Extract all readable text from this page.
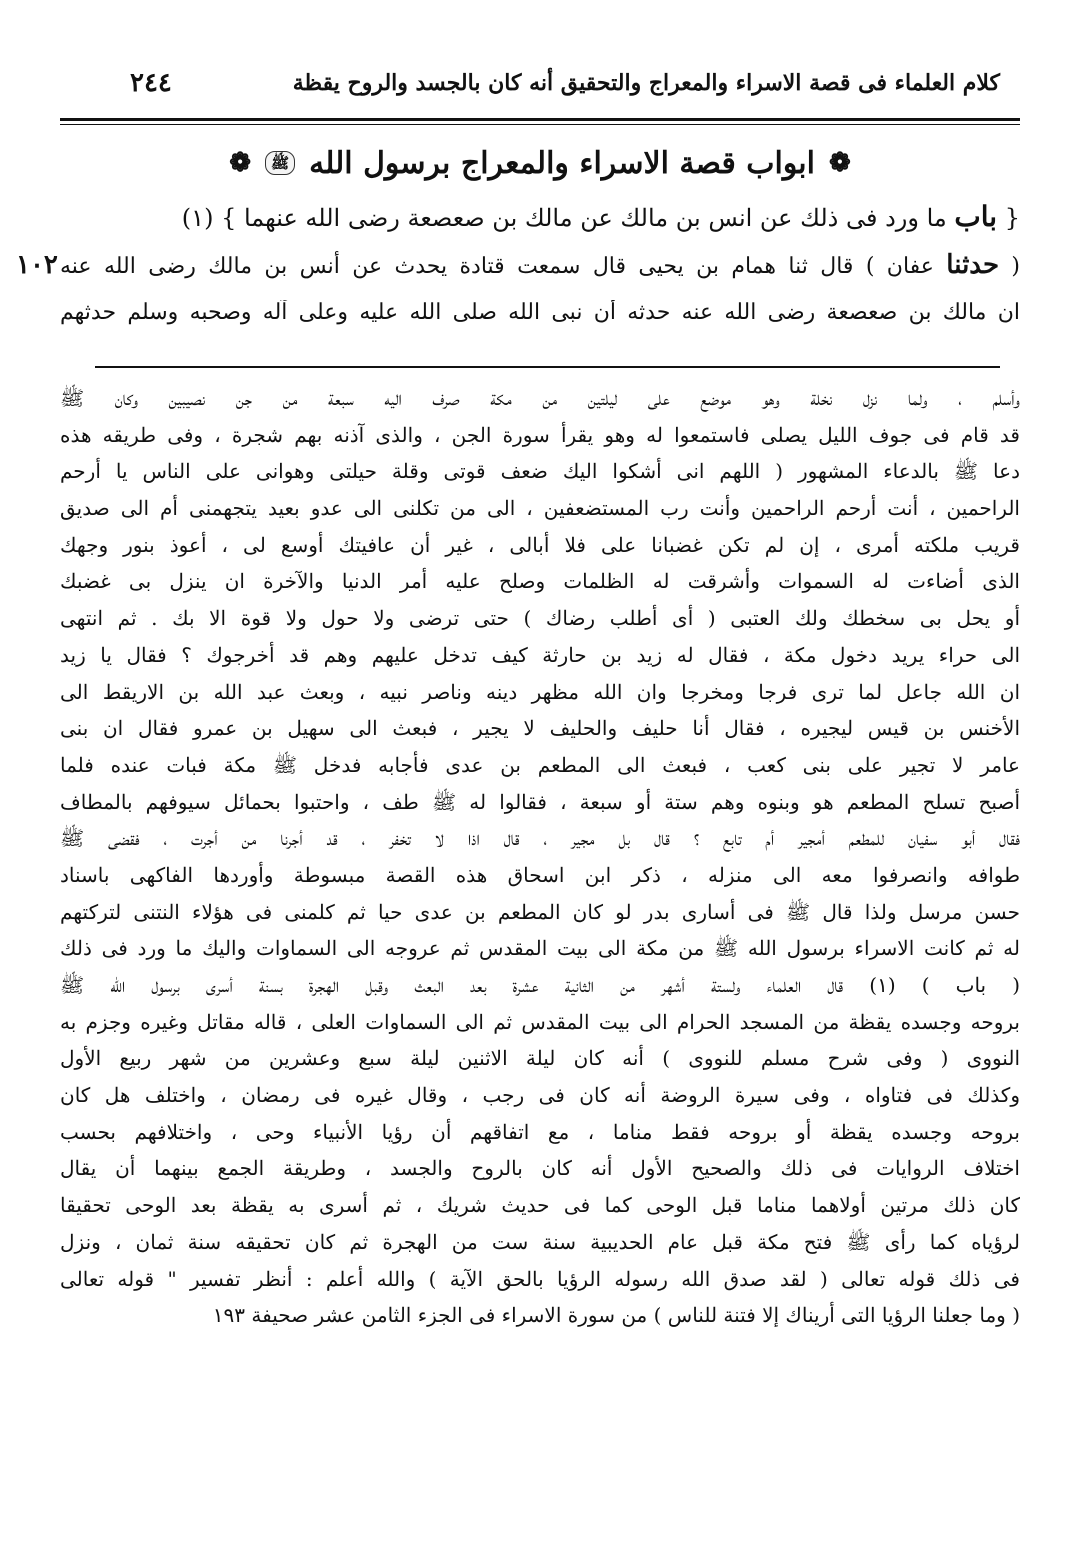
٢٤٤	كلام العلماء فى قصة الاسراء والمعراج والتحقيق أنه كان بالجسد والروح يقظة
❁
ابواب قصة الاسراء والمعراج برسول الله
ﷺ
❁
{ باب ما ورد فى ذلك عن انس بن مالك عن مالك بن صعصعة رضى الله عنهما } (١)
١٠٢	( حدثنا عفان ) قال ثنا همام بن يحيى قال سمعت قتادة يحدث عن أنس بن مالك رضى الله عنه
ان مالك بن صعصعة رضى الله عنه حدثه أن نبى الله صلى الله عليه وعلى آله وصحبه وسلم حدثهم
وأسلم ، ولما نزل نخلة وهو موضع على ليلتين من مكة صرف اليه سبعة من جن نصيبين وكان ﷺ
قد قام فى جوف الليل يصلى فاستمعوا له وهو يقرأ سورة الجن ، والذى آذنه بهم شجرة ، وفى طريقه هذه
دعا ﷺ بالدعاء المشهور ( اللهم انى أشكوا اليك ضعف قوتى وقلة حيلتى وهوانى على الناس يا أرحم
الراحمين ، أنت أرحم الراحمين وأنت رب المستضعفين ، الى من تكلنى الى عدو بعيد يتجهمنى أم الى صديق
قريب ملكته أمرى ، إن لم تكن غضبانا على فلا أبالى ، غير أن عافيتك أوسع لى ، أعوذ بنور وجهك
الذى أضاءت له السموات وأشرقت له الظلمات وصلح عليه أمر الدنيا والآخرة ان ينزل بى غضبك
أو يحل بى سخطك ولك العتبى ( أى أطلب رضاك ) حتى ترضى ولا حول ولا قوة الا بك . ثم انتهى
الى حراء يريد دخول مكة ، فقال له زيد بن حارثة كيف تدخل عليهم وهم قد أخرجوك ؟ فقال يا زيد
ان الله جاعل لما ترى فرجا ومخرجا وان الله مظهر دينه وناصر نبيه ، وبعث عبد الله بن الاريقط الى
الأخنس بن قيس ليجيره ، فقال أنا حليف والحليف لا يجير ، فبعث الى سهيل بن عمرو فقال ان بنى
عامر لا تجير على بنى كعب ، فبعث الى المطعم بن عدى فأجابه فدخل ﷺ مكة فبات عنده فلما
أصبح تسلح المطعم هو وبنوه وهم ستة أو سبعة ، فقالوا له ﷺ طف ، واحتبوا بحمائل سيوفهم بالمطاف
فقال أبو سفيان للمطعم أمجير أم تابع ؟ قال بل مجير ، قال اذا لا تخفر ، قد أجرنا من أجرت ، فقضى ﷺ
طوافه وانصرفوا معه الى منزله ، ذكر ابن اسحاق هذه القصة مبسوطة وأوردها الفاكهى باسناد
حسن مرسل ولذا قال ﷺ فى أسارى بدر لو كان المطعم بن عدى حيا ثم كلمنى فى هؤلاء النتنى لتركتهم
له ثم كانت الاسراء برسول الله ﷺ من مكة الى بيت المقدس ثم عروجه الى السماوات واليك ما ورد فى ذلك
( باب ) (١) قال العلماء ولستة أشهر من الثانية عشرة بعد البعث وقبل الهجرة بسنة أسرى برسول الله ﷺ
بروحه وجسده يقظة من المسجد الحرام الى بيت المقدس ثم الى السماوات العلى ، قاله مقاتل وغيره وجزم به
النووى ( وفى شرح مسلم للنووى ) أنه كان ليلة الاثنين ليلة سبع وعشرين من شهر ربيع الأول
وكذلك فى فتاواه ، وفى سيرة الروضة أنه كان فى رجب ، وقال غيره فى رمضان ، واختلف هل كان
بروحه وجسده يقظة أو بروحه فقط مناما ، مع اتفاقهم أن رؤيا الأنبياء وحى ، واختلافهم بحسب
اختلاف الروايات فى ذلك والصحيح الأول أنه كان بالروح والجسد ، وطريقة الجمع بينهما أن يقال
كان ذلك مرتين أولاهما مناما قبل الوحى كما فى حديث شريك ، ثم أسرى به يقظة بعد الوحى تحقيقا
لرؤياه كما رأى ﷺ فتح مكة قبل عام الحديبية سنة ست من الهجرة ثم كان تحقيقه سنة ثمان ، ونزل
فى ذلك قوله تعالى ( لقد صدق الله رسوله الرؤيا بالحق الآية ) والله أعلم : أنظر تفسير " قوله تعالى
( وما جعلنا الرؤيا التى أريناك إلا فتنة للناس ) من سورة الاسراء فى الجزء الثامن عشر صحيفة ١٩٣
